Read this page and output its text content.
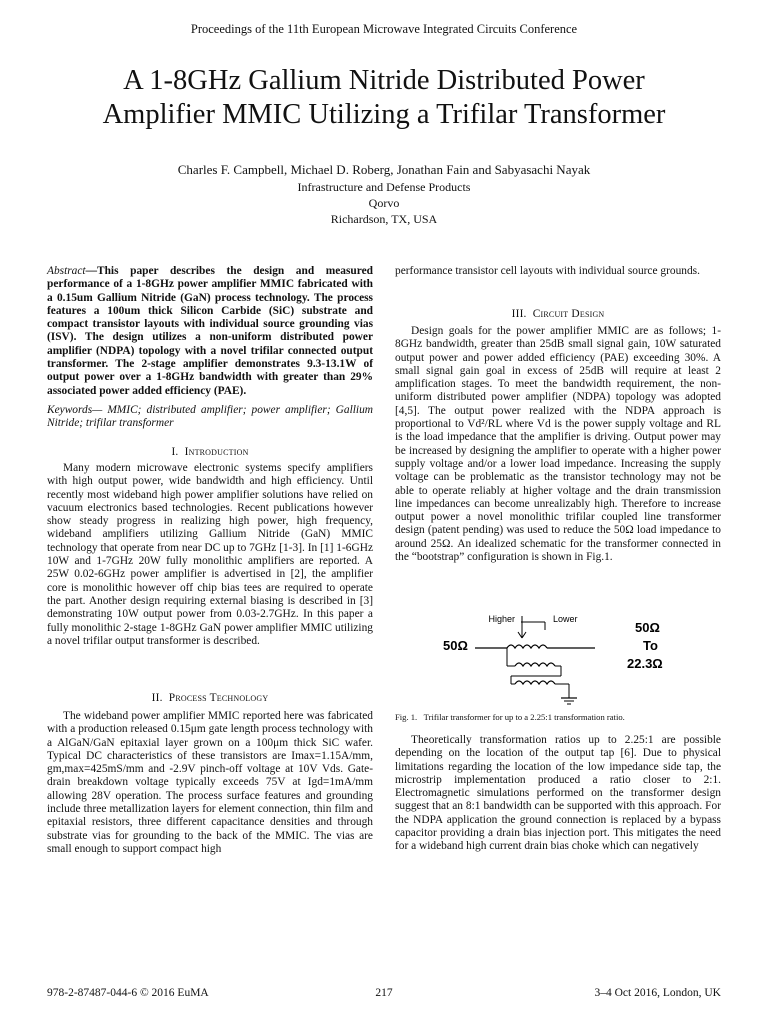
Proceedings of the 11th European Microwave Integrated Circuits Conference
A 1-8GHz Gallium Nitride Distributed Power
Amplifier MMIC Utilizing a Trifilar Transformer
Charles F. Campbell, Michael D. Roberg, Jonathan Fain and Sabyasachi Nayak
Infrastructure and Defense Products
Qorvo
Richardson, TX, USA
Abstract—This paper describes the design and measured performance of a 1-8GHz power amplifier MMIC fabricated with a 0.15um Gallium Nitride (GaN) process technology. The process features a 100um thick Silicon Carbide (SiC) substrate and compact transistor layouts with individual source grounding vias (ISV). The design utilizes a non-uniform distributed power amplifier (NDPA) topology with a novel trifilar connected output transformer. The 2-stage amplifier demonstrates 9.3-13.1W of output power over a 1-8GHz bandwidth with greater than 29% associated power added efficiency (PAE).
Keywords— MMIC; distributed amplifier; power amplifier; Gallium Nitride; trifilar transformer
I. Introduction

Many modern microwave electronic systems specify amplifiers with high output power, wide bandwidth and high efficiency. Until recently most wideband high power amplifier solutions have relied on vacuum electronics based technologies. Recent publications however show steady progress in realizing high power, high frequency, wideband amplifiers utilizing Gallium Nitride (GaN) MMIC technology that operate from near DC up to 7GHz [1-3]. In [1] 1-6GHz 10W and 1-7GHz 20W fully monolithic amplifiers are reported. A 25W 0.02-6GHz power amplifier is advertised in [2], the amplifier core is monolithic however off chip bias tees are required to operate the part. Another design requiring external biasing is described in [3] demonstrating 10W output power from 0.03-2.7GHz. In this paper a fully monolithic 2-stage 1-8GHz GaN power amplifier MMIC utilizing a novel trifilar output transformer is described.

II. Process Technology

The wideband power amplifier MMIC reported here was fabricated with a production released 0.15μm gate length process technology with a AlGaN/GaN epitaxial layer grown on a 100μm thick SiC wafer. Typical DC characteristics of these transistors are Imax=1.15A/mm, gm,max=425mS/mm and -2.9V pinch-off voltage at 10V Vds. Gate-drain breakdown voltage typically exceeds 75V at Igd=1mA/mm allowing 28V operation. The process surface features and grounding include three metallization layers for element connection, thin film and epitaxial resistors, three different capacitance densities and through substrate vias for grounding to the back of the MMIC. The vias are small enough to support compact high

performance transistor cell layouts with individual source grounds.
III. Circuit Design

Design goals for the power amplifier MMIC are as follows; 1-8GHz bandwidth, greater than 25dB small signal gain, 10W saturated output power and power added efficiency (PAE) exceeding 30%. A small signal gain goal in excess of 25dB will require at least 2 amplification stages. To meet the bandwidth requirement, the non-uniform distributed power amplifier (NDPA) topology was adopted [4,5]. The output power realized with the NDPA approach is proportional to Vd²/RL where Vd is the power supply voltage and RL is the load impedance that the amplifier is driving. Output power may be increased by designing the amplifier to operate with a higher power supply voltage and/or a lower load impedance. Increasing the supply voltage can be problematic as the transistor technology may not be able to operate reliably at higher voltage and the drain transmission line impedances can become unrealizably high. Therefore to increase output power a novel monolithic trifilar coupled line transformer design (patent pending) was used to reduce the 50Ω load impedance to around 25Ω. An idealized schematic for the transformer connected in the “bootstrap” configuration is shown in Fig.1.

Higher	Lower
50Ω
50Ω
To
22.3Ω
Fig. 1. Trifilar transformer for up to a 2.25:1 transformation ratio.

Theoretically transformation ratios up to 2.25:1 are possible depending on the location of the output tap [6]. Due to physical limitations regarding the location of the low impedance side tap, the microstrip implementation produced a ratio closer to 2:1. Electromagnetic simulations performed on the transformer design suggest that an 8:1 bandwidth can be supported with this approach. For the NDPA application the ground connection is replaced by a bypass capacitor providing a drain bias injection port. This mitigates the need for a wideband high current drain bias choke which can negatively

978-2-87487-044-6 © 2016 EuMA	217	3–4 Oct 2016, London, UK
